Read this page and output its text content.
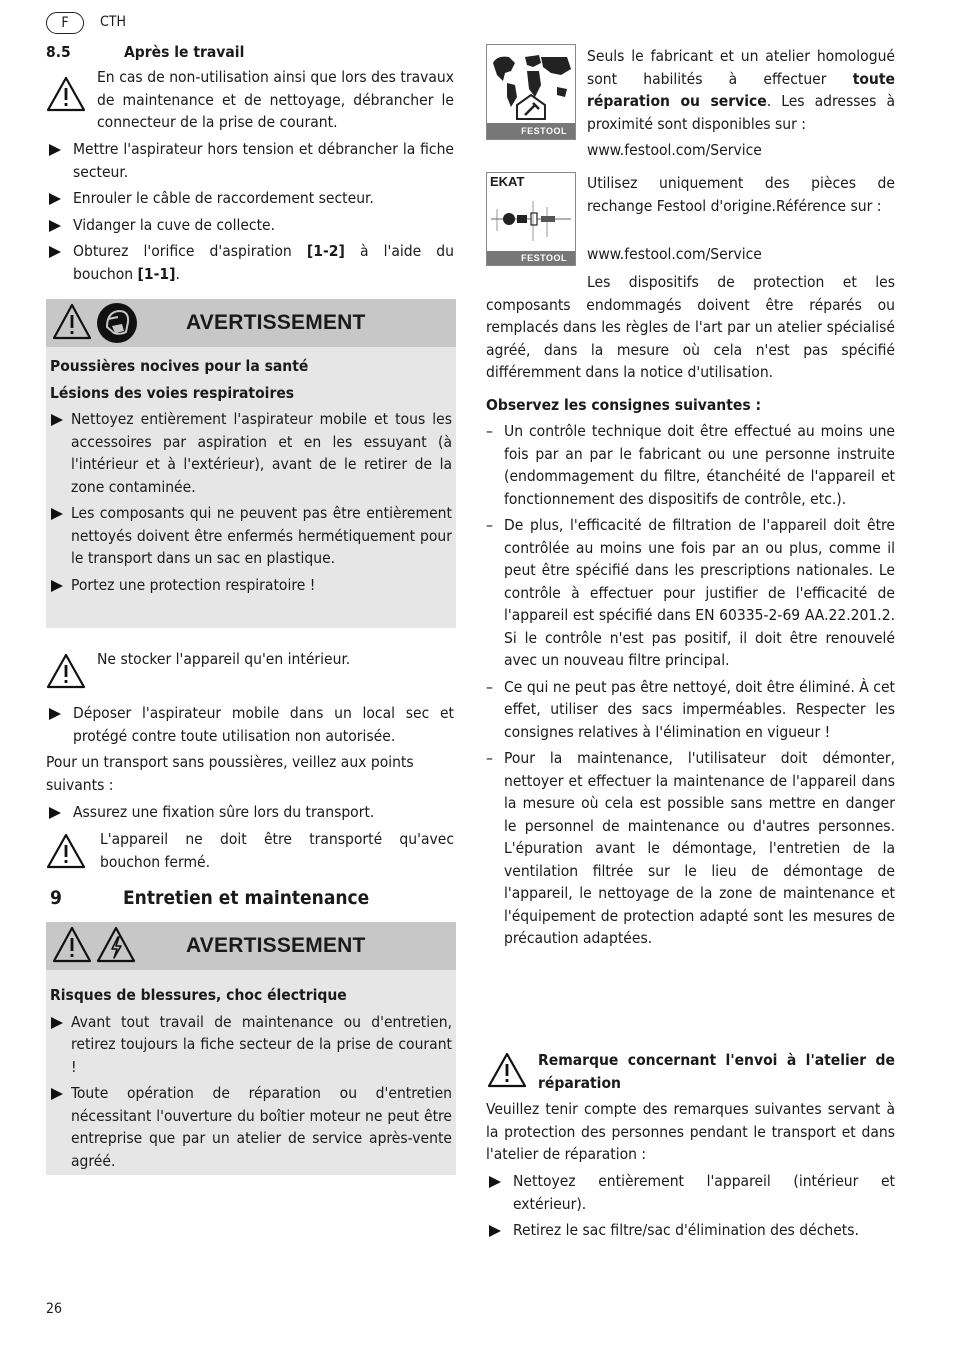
F	CTH
8.5	Après le travail
En cas de non-utilisation ainsi que lors des travaux de maintenance et de nettoyage, débrancher le connecteur de la prise de courant.
Mettre l'aspirateur hors tension et débrancher la fiche secteur.
Enrouler le câble de raccordement secteur.
Vidanger la cuve de collecte.
Obturez l'orifice d'aspiration [1-2] à l'aide du bouchon [1-1].
AVERTISSEMENT
Poussières nocives pour la santé
Lésions des voies respiratoires
Nettoyez entièrement l'aspirateur mobile et tous les accessoires par aspiration et en les essuyant (à l'intérieur et à l'extérieur), avant de le retirer de la zone contaminée.
Les composants qui ne peuvent pas être entièrement nettoyés doivent être enfermés hermétiquement pour le transport dans un sac en plastique.
Portez une protection respiratoire !
Ne stocker l'appareil qu'en intérieur.
Déposer l'aspirateur mobile dans un local sec et protégé contre toute utilisation non autorisée.
Pour un transport sans poussières, veillez aux points suivants :
Assurez une fixation sûre lors du transport.
L'appareil ne doit être transporté qu'avec bouchon fermé.
9	Entretien et maintenance
AVERTISSEMENT
Risques de blessures, choc électrique
Avant tout travail de maintenance ou d'entretien, retirez toujours la fiche secteur de la prise de courant !
Toute opération de réparation ou d'entretien nécessitant l'ouverture du boîtier moteur ne peut être entreprise que par un atelier de service après-vente agréé.
FESTOOL
Seuls le fabricant et un atelier homologué sont habilités à effectuer toute réparation ou service. Les adresses à proximité sont disponibles sur :
www.festool.com/Service
EKAT
FESTOOL
Utilisez uniquement des pièces de rechange Festool d'origine.Référence sur :
www.festool.com/Service
Les dispositifs de protection et les composants endommagés doivent être réparés ou remplacés dans les règles de l'art par un atelier spécialisé agréé, dans la mesure où cela n'est pas spécifié différemment dans la notice d'utilisation.
Observez les consignes suivantes :
– Un contrôle technique doit être effectué au moins une fois par an par le fabricant ou une personne instruite (endommagement du filtre, étanchéité de l'appareil et fonctionnement des dispositifs de contrôle, etc.).
– De plus, l'efficacité de filtration de l'appareil doit être contrôlée au moins une fois par an ou plus, comme il peut être spécifié dans les prescriptions nationales. Le contrôle à effectuer pour justifier de l'efficacité de l'appareil est spécifié dans EN 60335-2-69 AA.22.201.2. Si le contrôle n'est pas positif, il doit être renouvelé avec un nouveau filtre principal.
– Ce qui ne peut pas être nettoyé, doit être éliminé. À cet effet, utiliser des sacs imperméables. Respecter les consignes relatives à l'élimination en vigueur !
– Pour la maintenance, l'utilisateur doit démonter, nettoyer et effectuer la maintenance de l'appareil dans la mesure où cela est possible sans mettre en danger le personnel de maintenance ou d'autres personnes. L'épuration avant le démontage, l'entretien de la ventilation filtrée sur le lieu de démontage de l'appareil, le nettoyage de la zone de maintenance et l'équipement de protection adapté sont les mesures de précaution adaptées.
Remarque concernant l'envoi à l'atelier de réparation
Veuillez tenir compte des remarques suivantes servant à la protection des personnes pendant le transport et dans l'atelier de réparation :
Nettoyez entièrement l'appareil (intérieur et extérieur).
Retirez le sac filtre/sac d'élimination des déchets.
26
